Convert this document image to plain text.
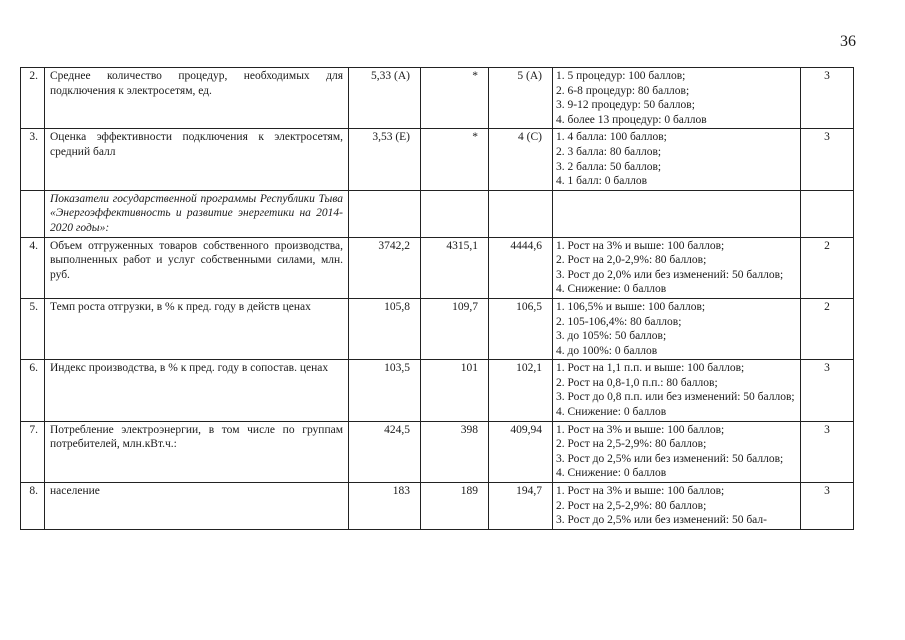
36
2.	Среднее количество процедур, необходимых для подключения к электросетям, ед.	5,33 (А)	*	5 (А)	1. 5 процедур: 100 баллов;
2. 6-8 процедур: 80 баллов;
3. 9-12 процедур: 50 баллов;
4. более 13 процедур: 0 баллов	3
3.	Оценка эффективности подключения к электросетям, средний балл	3,53 (Е)	*	4 (С)	1. 4 балла: 100 баллов;
2. 3 балла: 80 баллов;
3. 2 балла: 50 баллов;
4. 1 балл: 0 баллов	3
	Показатели государственной программы Республики Тыва «Энергоэффективность и развитие энергетики на 2014-2020 годы»:					
4.	Объем отгруженных товаров собственного производства, выполненных работ и услуг собственными силами, млн. руб.	3742,2	4315,1	4444,6	1. Рост на 3% и выше: 100 баллов;
2. Рост на 2,0-2,9%: 80 баллов;
3. Рост до 2,0% или без изменений: 50 баллов;
4. Снижение: 0 баллов	2
5.	Темп роста отгрузки, в % к пред. году в действ ценах	105,8	109,7	106,5	1. 106,5% и выше: 100 баллов;
2. 105-106,4%: 80 баллов;
3. до 105%: 50 баллов;
4. до 100%: 0 баллов	2
6.	Индекс производства, в % к пред. году в сопостав. ценах	103,5	101	102,1	1. Рост на 1,1 п.п. и выше: 100 баллов;
2. Рост на 0,8-1,0 п.п.: 80 баллов;
3. Рост до 0,8 п.п. или без изменений: 50 баллов;
4. Снижение: 0 баллов	3
7.	Потребление электроэнергии, в том числе по группам потребителей, млн.кВт.ч.:	424,5	398	409,94	1. Рост на 3% и выше: 100 баллов;
2. Рост на 2,5-2,9%: 80 баллов;
3. Рост до 2,5% или без изменений: 50 баллов;
4. Снижение: 0 баллов	3
8.	население	183	189	194,7	1. Рост на 3% и выше: 100 баллов;
2. Рост на 2,5-2,9%: 80 баллов;
3. Рост до 2,5% или без изменений: 50 бал-	3
